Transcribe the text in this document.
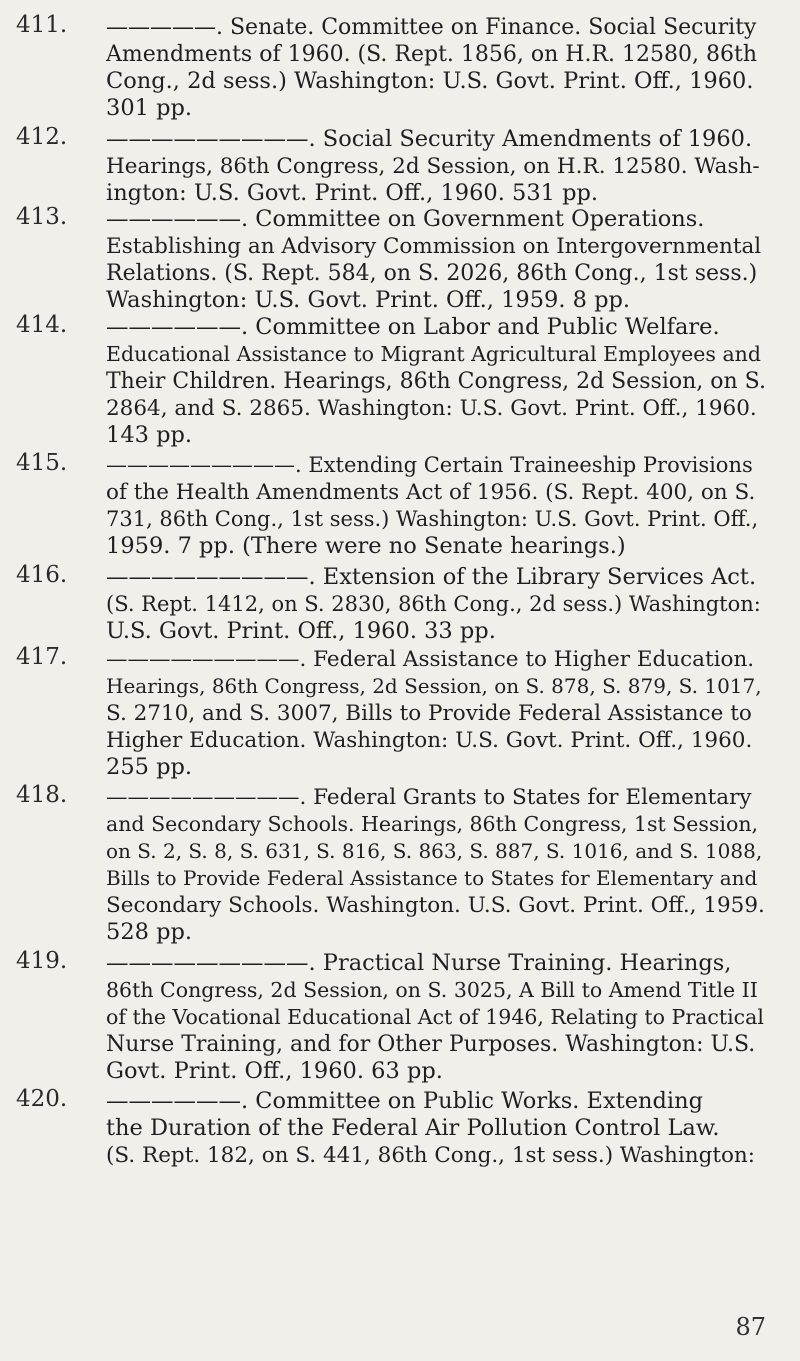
411. —————. Senate. Committee on Finance. Social Security
Amendments of 1960. (S. Rept. 1856, on H.R. 12580, 86th
Cong., 2d sess.) Washington: U.S. Govt. Print. Off., 1960.
301 pp.
412. —————————. Social Security Amendments of 1960.
Hearings, 86th Congress, 2d Session, on H.R. 12580. Wash-
ington: U.S. Govt. Print. Off., 1960. 531 pp.
413. ——————. Committee on Government Operations.
Establishing an Advisory Commission on Intergovernmental
Relations. (S. Rept. 584, on S. 2026, 86th Cong., 1st sess.)
Washington: U.S. Govt. Print. Off., 1959. 8 pp.
414. ——————. Committee on Labor and Public Welfare.
Educational Assistance to Migrant Agricultural Employees and
Their Children. Hearings, 86th Congress, 2d Session, on S.
2864, and S. 2865. Washington: U.S. Govt. Print. Off., 1960.
143 pp.
415. —————————. Extending Certain Traineeship Provisions
of the Health Amendments Act of 1956. (S. Rept. 400, on S.
731, 86th Cong., 1st sess.) Washington: U.S. Govt. Print. Off.,
1959. 7 pp. (There were no Senate hearings.)
416. —————————. Extension of the Library Services Act.
(S. Rept. 1412, on S. 2830, 86th Cong., 2d sess.) Washington:
U.S. Govt. Print. Off., 1960. 33 pp.
417. —————————. Federal Assistance to Higher Education.
Hearings, 86th Congress, 2d Session, on S. 878, S. 879, S. 1017,
S. 2710, and S. 3007, Bills to Provide Federal Assistance to
Higher Education. Washington: U.S. Govt. Print. Off., 1960.
255 pp.
418. —————————. Federal Grants to States for Elementary
and Secondary Schools. Hearings, 86th Congress, 1st Session,
on S. 2, S. 8, S. 631, S. 816, S. 863, S. 887, S. 1016, and S. 1088,
Bills to Provide Federal Assistance to States for Elementary and
Secondary Schools. Washington. U.S. Govt. Print. Off., 1959.
528 pp.
419. —————————. Practical Nurse Training. Hearings,
86th Congress, 2d Session, on S. 3025, A Bill to Amend Title II
of the Vocational Educational Act of 1946, Relating to Practical
Nurse Training, and for Other Purposes. Washington: U.S.
Govt. Print. Off., 1960. 63 pp.
420. ——————. Committee on Public Works. Extending
the Duration of the Federal Air Pollution Control Law.
(S. Rept. 182, on S. 441, 86th Cong., 1st sess.) Washington:
87
